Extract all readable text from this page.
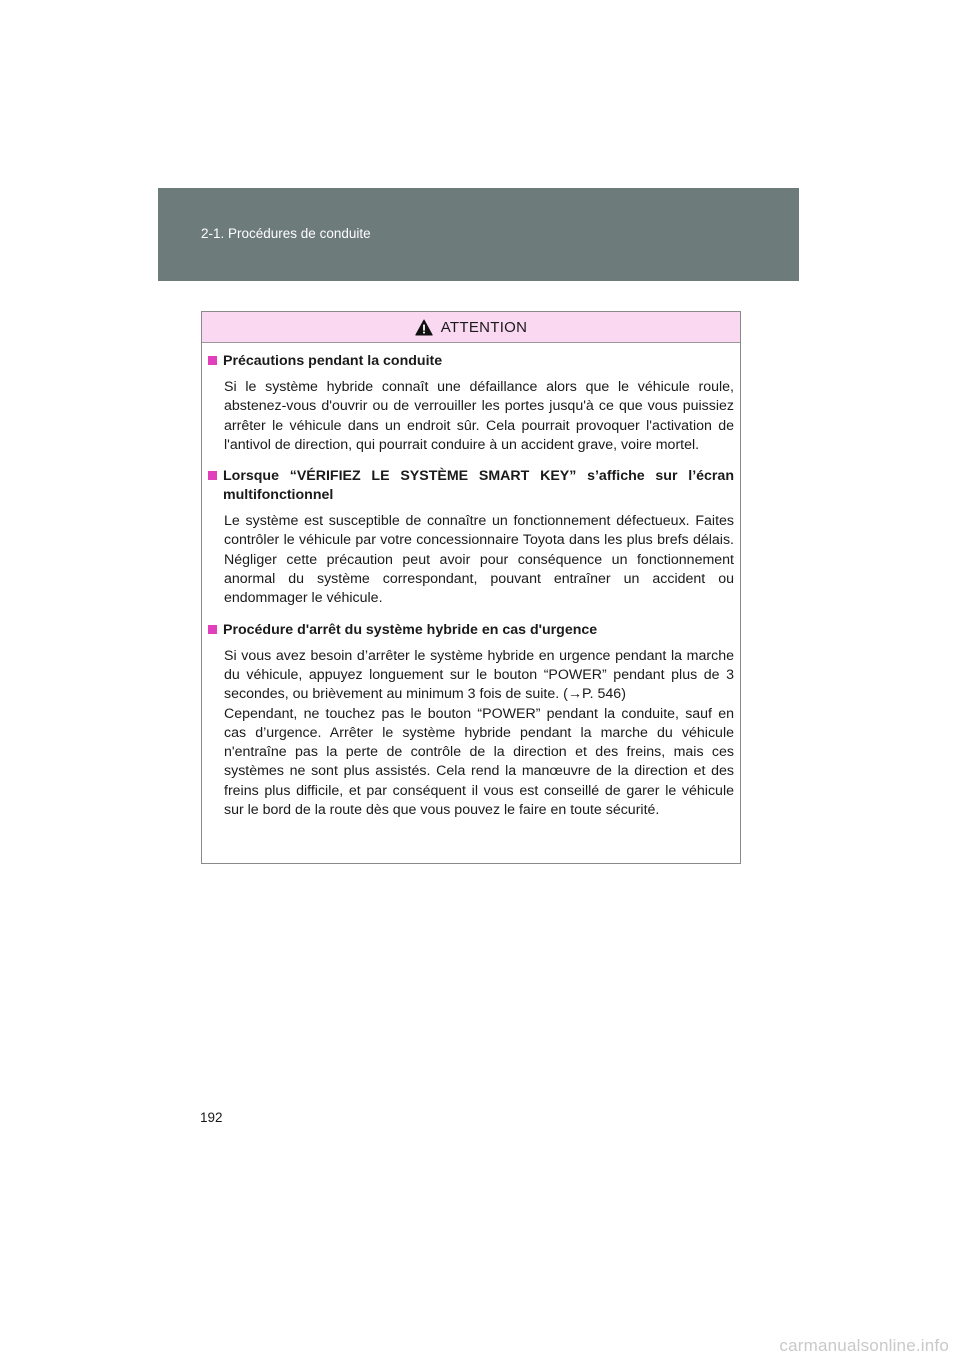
2-1. Procédures de conduite
ATTENTION
Précautions pendant la conduite
Si le système hybride connaît une défaillance alors que le véhicule roule, abstenez-vous d'ouvrir ou de verrouiller les portes jusqu'à ce que vous puissiez arrêter le véhicule dans un endroit sûr. Cela pourrait provoquer l'activation de l'antivol de direction, qui pourrait conduire à un accident grave, voire mortel.
Lorsque “VÉRIFIEZ LE SYSTÈME SMART KEY” s’affiche sur l’écran multifonctionnel
Le système est susceptible de connaître un fonctionnement défectueux. Faites contrôler le véhicule par votre concessionnaire Toyota dans les plus brefs délais. Négliger cette précaution peut avoir pour conséquence un fonctionnement anormal du système correspondant, pouvant entraîner un accident ou endommager le véhicule.
Procédure d'arrêt du système hybride en cas d'urgence
Si vous avez besoin d’arrêter le système hybride en urgence pendant la marche du véhicule, appuyez longuement sur le bouton “POWER” pendant plus de 3 secondes, ou brièvement au minimum 3 fois de suite. (→P. 546)
Cependant, ne touchez pas le bouton “POWER” pendant la conduite, sauf en cas d’urgence. Arrêter le système hybride pendant la marche du véhicule n'entraîne pas la perte de contrôle de la direction et des freins, mais ces systèmes ne sont plus assistés. Cela rend la manœuvre de la direction et des freins plus difficile, et par conséquent il vous est conseillé de garer le véhicule sur le bord de la route dès que vous pouvez le faire en toute sécurité.
192
carmanualsonline.info
